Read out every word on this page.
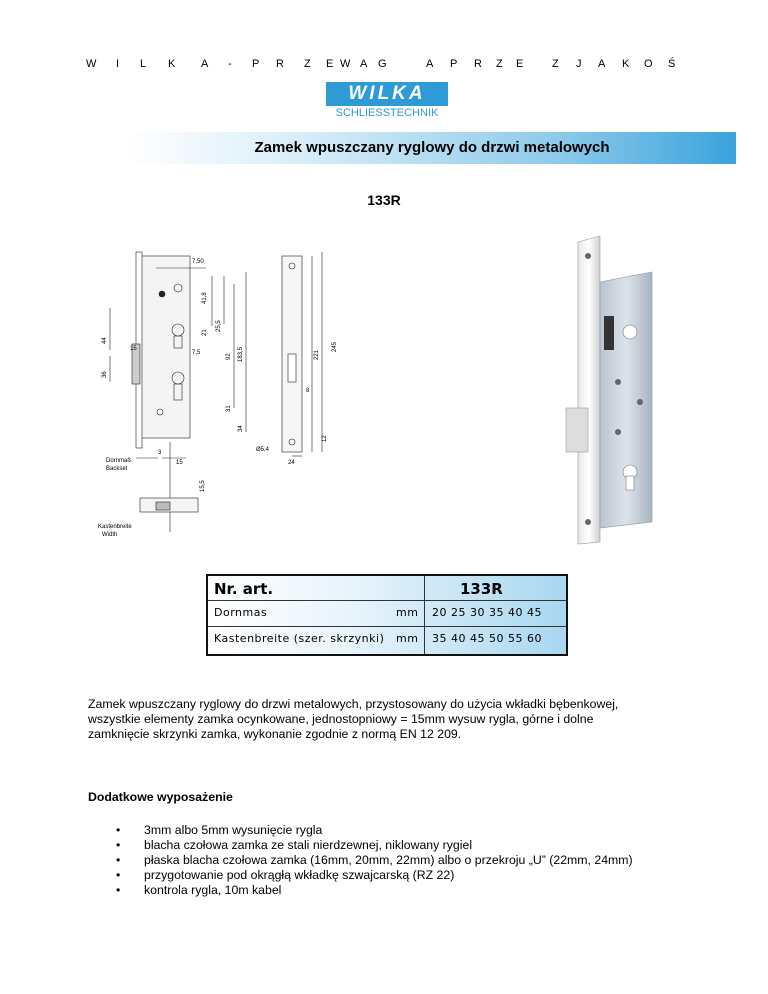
W I L K A - P R Z E W A G	A P R Z E	Z J A K O Ś
WILKA
SCHLIESSTECHNIK
Zamek wpuszczany ryglowy do drzwi metalowych
133R
7,50
41,8
25,5
21
44
15
7,5
92 183,5	221
245
36
31
34
8
12
3
15
Ø5,4
24
15,5
Dornmaß
Backset
Kastenbreite
Width
Nr. art.	133R
Dornmas	mm 20 25 30 35 40 45
Kastenbreite (szer. skrzynki) mm 35 40 45 50 55 60

Zamek wpuszczany ryglowy do drzwi metalowych, przystosowany do użycia wkładki bębenkowej,

wszystkie elementy zamka ocynkowane, jednostopniowy = 15mm wysuw rygla, górne i dolne

zamknięcie skrzynki zamka, wykonanie zgodnie z normą EN 12 209.

Dodatkowe wyposażenie
• 3mm albo 5mm wysunięcie rygla
• blacha czołowa zamka ze stali nierdzewnej, niklowany rygiel
• płaska blacha czołowa zamka (16mm, 20mm, 22mm) albo o przekroju „U” (22mm, 24mm)
• przygotowanie pod okrągłą wkładkę szwajcarską (RZ 22)
• kontrola rygla, 10m kabel
